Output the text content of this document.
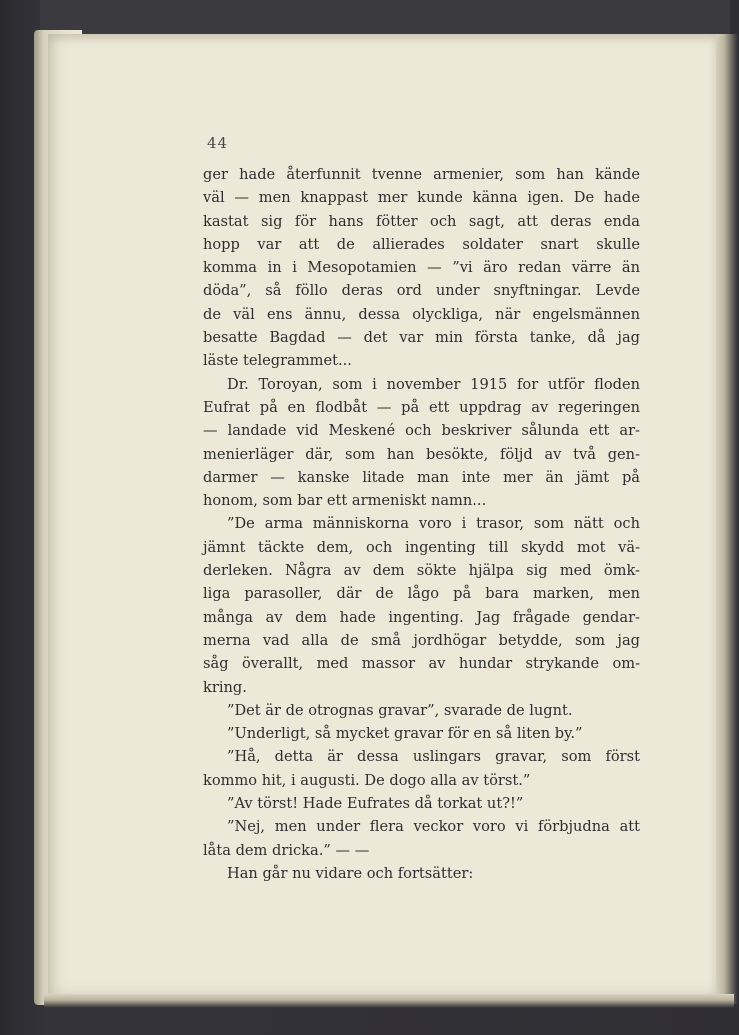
44
ger hade återfunnit tvenne armenier, som han kände
väl — men knappast mer kunde känna igen. De hade
kastat sig för hans fötter och sagt, att deras enda
hopp var att de allierades soldater snart skulle
komma in i Mesopotamien — ”vi äro redan värre än
döda”, så föllo deras ord under snyftningar. Levde
de väl ens ännu, dessa olyckliga, när engelsmännen
besatte Bagdad — det var min första tanke, då jag
läste telegrammet...
Dr. Toroyan, som i november 1915 for utför floden
Eufrat på en flodbåt — på ett uppdrag av regeringen
— landade vid Meskené och beskriver sålunda ett ar-
menierläger där, som han besökte, följd av två gen-
darmer — kanske litade man inte mer än jämt på
honom, som bar ett armeniskt namn...
”De arma människorna voro i trasor, som nätt och
jämnt täckte dem, och ingenting till skydd mot vä-
derleken. Några av dem sökte hjälpa sig med ömk-
liga parasoller, där de lågo på bara marken, men
många av dem hade ingenting. Jag frågade gendar-
merna vad alla de små jordhögar betydde, som jag
såg överallt, med massor av hundar strykande om-
kring.
”Det är de otrognas gravar”, svarade de lugnt.
”Underligt, så mycket gravar för en så liten by.”
”Hå, detta är dessa uslingars gravar, som först
kommo hit, i augusti. De dogo alla av törst.”
”Av törst! Hade Eufrates då torkat ut?!”
”Nej, men under flera veckor voro vi förbjudna att
låta dem dricka.” — —
Han går nu vidare och fortsätter:
